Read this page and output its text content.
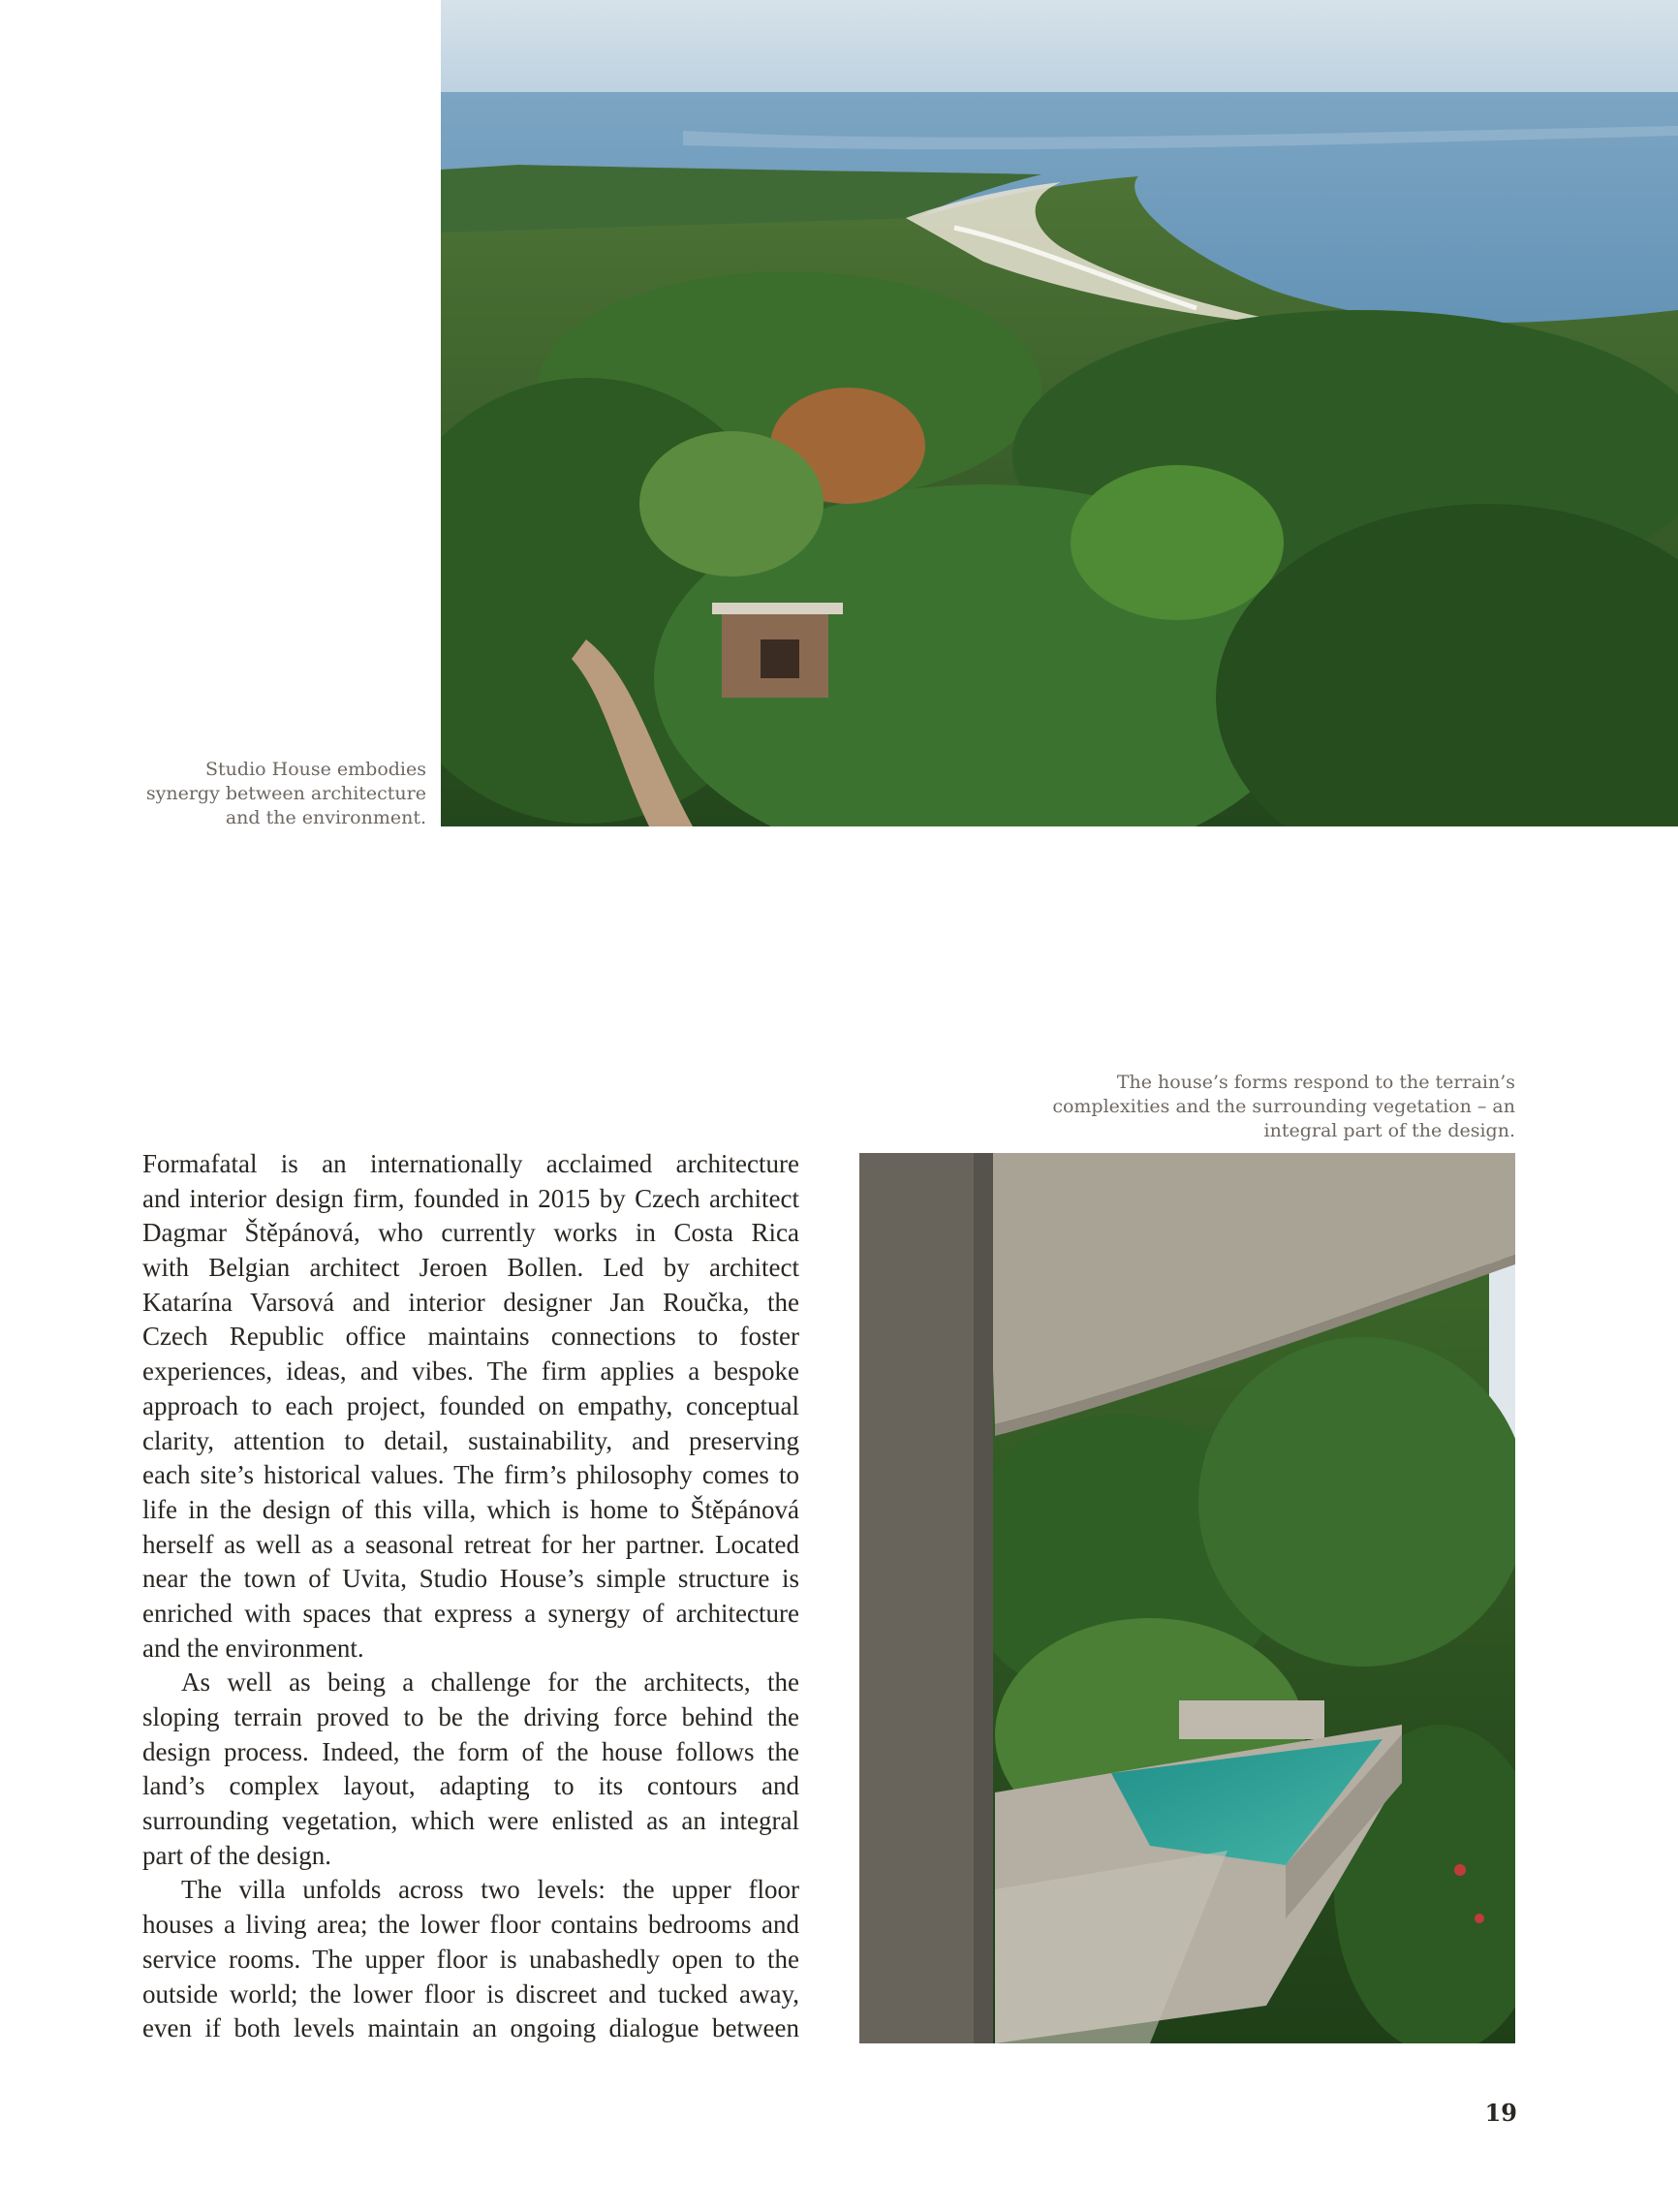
Studio House embodies
synergy between architecture
and the environment.
The house’s forms respond to the terrain’s
complexities and the surrounding vegetation – an
integral part of the design.
Formafatal is an internationally acclaimed architecture
and interior design firm, founded in 2015 by Czech architect
Dagmar Štěpánová, who currently works in Costa Rica
with Belgian architect Jeroen Bollen. Led by architect
Katarína Varsová and interior designer Jan Roučka, the
Czech Republic office maintains connections to foster
experiences, ideas, and vibes. The firm applies a bespoke
approach to each project, founded on empathy, conceptual
clarity, attention to detail, sustainability, and preserving
each site’s historical values. The firm’s philosophy comes to
life in the design of this villa, which is home to Štěpánová
herself as well as a seasonal retreat for her partner. Located
near the town of Uvita, Studio House’s simple structure is
enriched with spaces that express a synergy of architecture
and the environment.
As well as being a challenge for the architects, the
sloping terrain proved to be the driving force behind the
design process. Indeed, the form of the house follows the
land’s complex layout, adapting to its contours and
surrounding vegetation, which were enlisted as an integral
part of the design.
The villa unfolds across two levels: the upper floor
houses a living area; the lower floor contains bedrooms and
service rooms. The upper floor is unabashedly open to the
outside world; the lower floor is discreet and tucked away,
even if both levels maintain an ongoing dialogue between
19
